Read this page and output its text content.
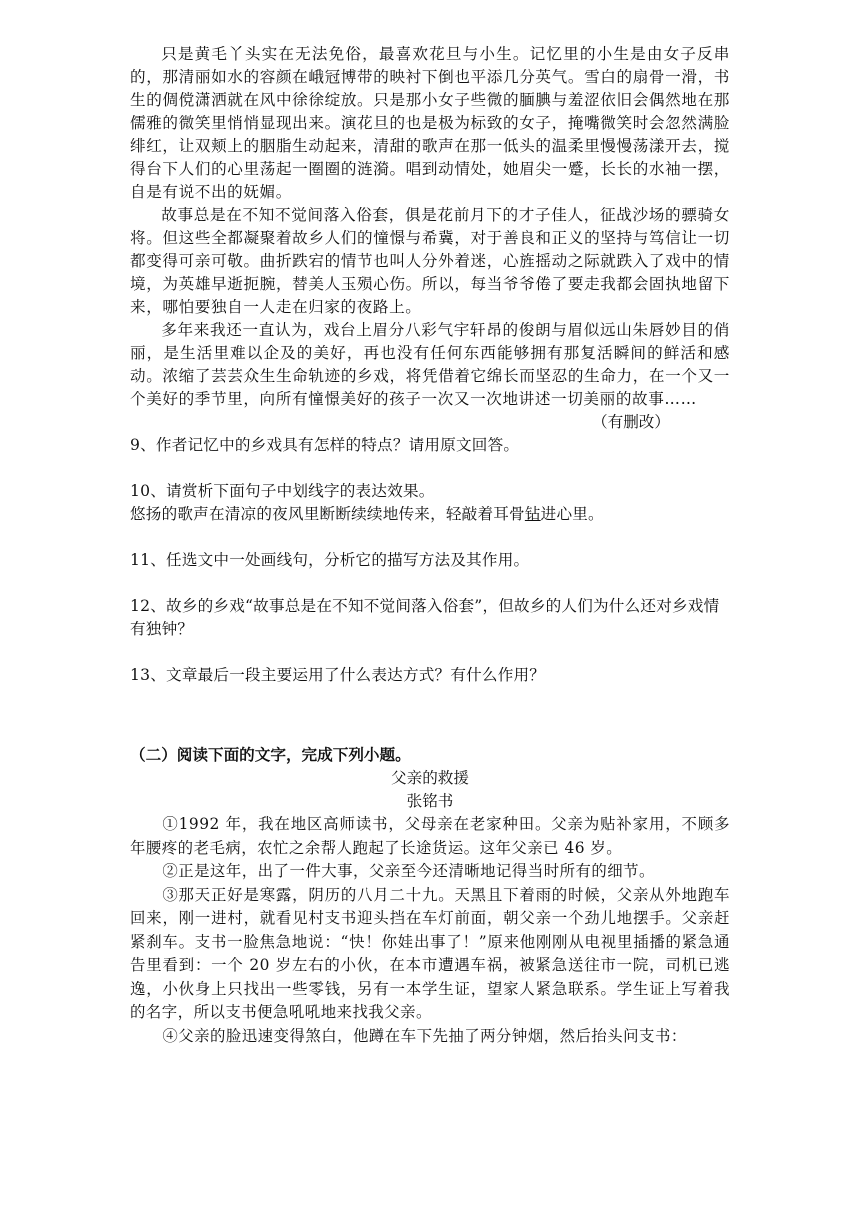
只是黄毛丫头实在无法免俗，最喜欢花旦与小生。记忆里的小生是由女子反串的，那清丽如水的容颜在峨冠博带的映衬下倒也平添几分英气。雪白的扇骨一滑，书生的倜傥潇洒就在风中徐徐绽放。只是那小女子些微的腼腆与羞涩依旧会偶然地在那儒雅的微笑里悄悄显现出来。演花旦的也是极为标致的女子，掩嘴微笑时会忽然满脸绯红，让双颊上的胭脂生动起来，清甜的歌声在那一低头的温柔里慢慢荡漾开去，搅得台下人们的心里荡起一圈圈的涟漪。唱到动情处，她眉尖一蹙，长长的水袖一摆，自是有说不出的妩媚。

故事总是在不知不觉间落入俗套，俱是花前月下的才子佳人，征战沙场的骠骑女将。但这些全都凝聚着故乡人们的憧憬与希冀，对于善良和正义的坚持与笃信让一切都变得可亲可敬。曲折跌宕的情节也叫人分外着迷，心旌摇动之际就跌入了戏中的情境，为英雄早逝扼腕，替美人玉殒心伤。所以，每当爷爷倦了要走我都会固执地留下来，哪怕要独自一人走在归家的夜路上。

多年来我还一直认为，戏台上眉分八彩气宇轩昂的俊朗与眉似远山朱唇妙目的俏丽，是生活里难以企及的美好，再也没有任何东西能够拥有那复活瞬间的鲜活和感动。浓缩了芸芸众生生命轨迹的乡戏，将凭借着它绵长而坚忍的生命力，在一个又一个美好的季节里，向所有憧憬美好的孩子一次又一次地讲述一切美丽的故事……

（有删改）

9、作者记忆中的乡戏具有怎样的特点？请用原文回答。

10、请赏析下面句子中划线字的表达效果。

悠扬的歌声在清凉的夜风里断断续续地传来，轻敲着耳骨钻进心里。

11、任选文中一处画线句，分析它的描写方法及其作用。

12、故乡的乡戏“故事总是在不知不觉间落入俗套”，但故乡的人们为什么还对乡戏情有独钟？

13、文章最后一段主要运用了什么表达方式？有什么作用？

（二）阅读下面的文字，完成下列小题。

父亲的救援

张铭书

①1992 年，我在地区高师读书，父母亲在老家种田。父亲为贴补家用，不顾多年腰疼的老毛病，农忙之余帮人跑起了长途货运。这年父亲已 46 岁。

②正是这年，出了一件大事，父亲至今还清晰地记得当时所有的细节。

③那天正好是寒露，阴历的八月二十九。天黑且下着雨的时候，父亲从外地跑车回来，刚一进村，就看见村支书迎头挡在车灯前面，朝父亲一个劲儿地摆手。父亲赶紧刹车。支书一脸焦急地说：“快！你娃出事了！”原来他刚刚从电视里插播的紧急通告里看到：一个 20 岁左右的小伙，在本市遭遇车祸，被紧急送往市一院，司机已逃逸，小伙身上只找出一些零钱，另有一本学生证，望家人紧急联系。学生证上写着我的名字，所以支书便急吼吼地来找我父亲。

④父亲的脸迅速变得煞白，他蹲在车下先抽了两分钟烟，然后抬头问支书：
